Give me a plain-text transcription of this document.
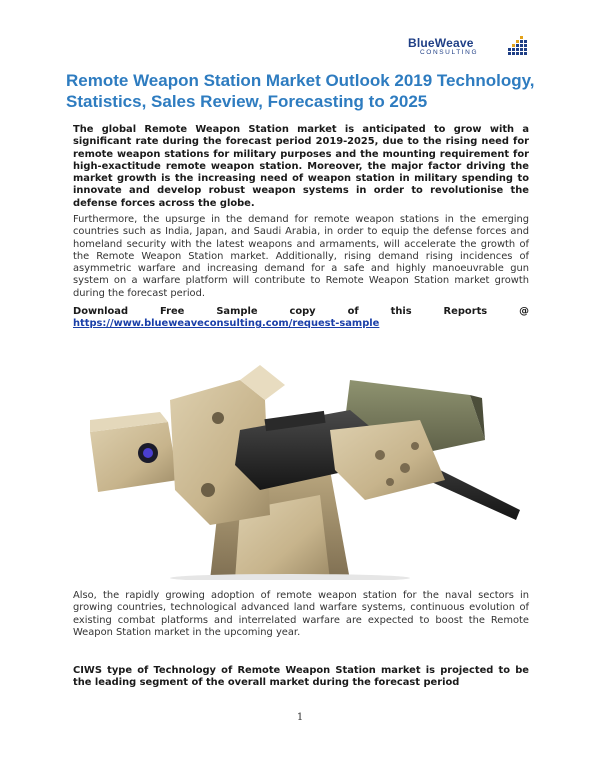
BlueWeave
CONSULTING
Remote Weapon Station Market Outlook 2019 Technology, Statistics, Sales Review, Forecasting to 2025

The global Remote Weapon Station market is anticipated to grow with a significant rate during the forecast period 2019-2025, due to the rising need for remote weapon stations for military purposes and the mounting requirement for high-exactitude remote weapon station. Moreover, the major factor driving the market growth is the increasing need of weapon station in military spending to innovate and develop robust weapon systems in order to revolutionise the defense forces across the globe.

Furthermore, the upsurge in the demand for remote weapon stations in the emerging countries such as India, Japan, and Saudi Arabia, in order to equip the defense forces and homeland security with the latest weapons and armaments, will accelerate the growth of the Remote Weapon Station market. Additionally, rising demand rising incidences of asymmetric warfare and increasing demand for a safe and highly manoeuvrable gun system on a warfare platform will contribute to Remote Weapon Station market growth during the forecast period.

Download	Free	Sample	copy	of	this	Reports	@
https://www.blueweaveconsulting.com/request-sample

Also, the rapidly growing adoption of remote weapon station for the naval sectors in growing countries, technological advanced land warfare systems, continuous evolution of existing combat platforms and interrelated warfare are expected to boost the Remote Weapon Station market in the upcoming year.

CIWS type of Technology of Remote Weapon Station market is projected to be the leading segment of the overall market during the forecast period

1
